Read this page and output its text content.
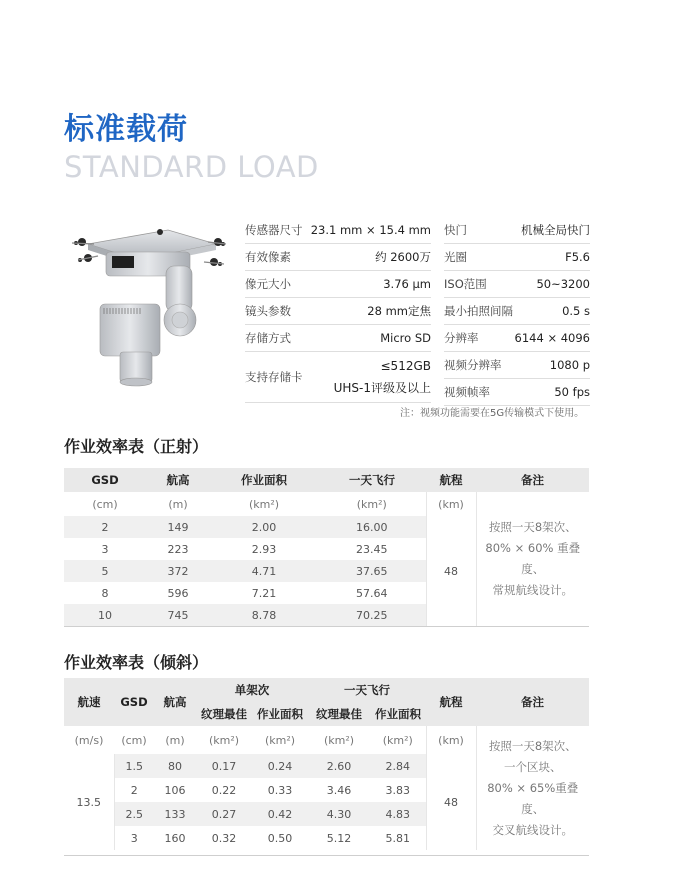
标准载荷
STANDARD LOAD
传感器尺寸 23.1 mm × 15.4 mm
有效像素	约 2600万
像元大小	3.76 μm
镜头参数	28 mm定焦
存储方式	Micro SD
支持存储卡
≤512GB
UHS-1评级及以上
快门	机械全局快门
光圈	F5.6
ISO范围	50~3200
最小拍照间隔	0.5 s
分辨率	6144 × 4096
视频分辨率	1080 p
视频帧率	50 fps
注：视频功能需要在5G传输模式下使用。
作业效率表（正射）
GSD	航高	作业面积	一天飞行	航程	备注
(cm)	(m)	(km²)	(km²)	(km)	按照一天8架次、
80% × 60% 重叠度、
常规航线设计。
2	149	2.00	16.00	48	
3	223	2.93	23.45		
5	372	4.71	37.65		
8	596	7.21	57.64		
10	745	8.78	70.25		
作业效率表（倾斜）
航速	GSD	航高	单架次		一天飞行		航程	备注
			纹理最佳	作业面积	纹理最佳	作业面积		
(m/s)	(cm)	(m)	(km²)	(km²)	(km²)	(km²)	(km)	按照一天8架次、
一个区块、
80% × 65%重叠度、
交叉航线设计。
13.5	1.5	80	0.17	0.24	2.60	2.84	48	
	2	106	0.22	0.33	3.46	3.83		
	2.5	133	0.27	0.42	4.30	4.83		
	3	160	0.32	0.50	5.12	5.81		
